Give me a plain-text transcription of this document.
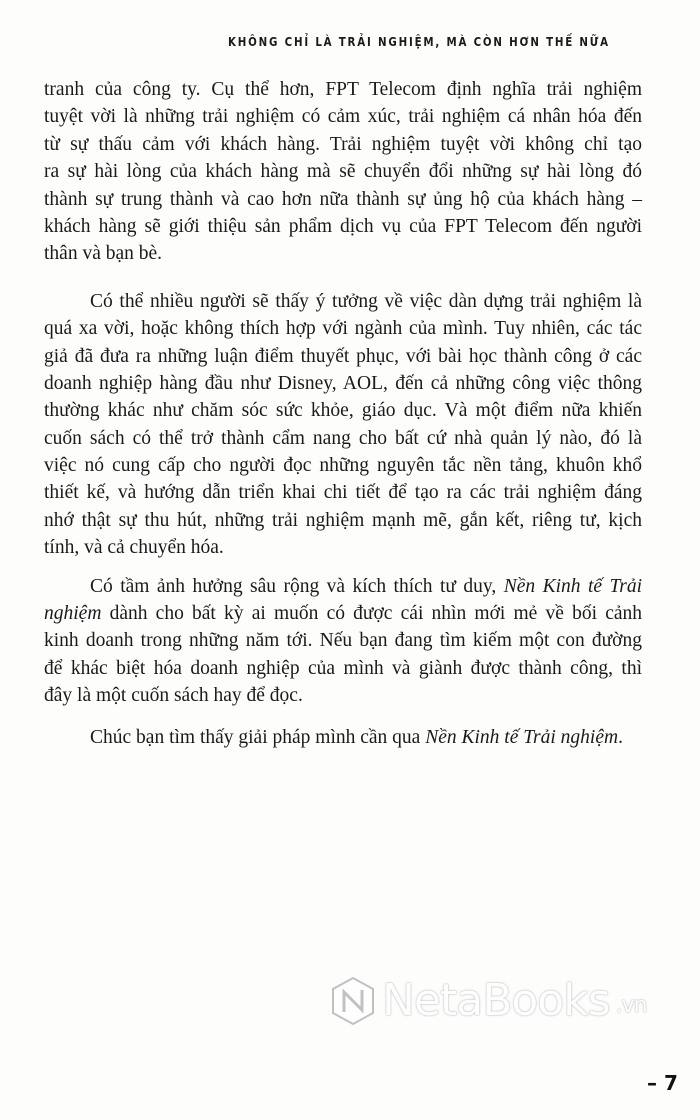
KHÔNG CHỈ LÀ TRẢI NGHIỆM, MÀ CÒN HƠN THẾ NỮA
tranh của công ty. Cụ thể hơn, FPT Telecom định nghĩa trải nghiệm
tuyệt vời là những trải nghiệm có cảm xúc, trải nghiệm cá nhân hóa đến
từ sự thấu cảm với khách hàng. Trải nghiệm tuyệt vời không chỉ tạo
ra sự hài lòng của khách hàng mà sẽ chuyển đổi những sự hài lòng đó
thành sự trung thành và cao hơn nữa thành sự ủng hộ của khách hàng –
khách hàng sẽ giới thiệu sản phẩm dịch vụ của FPT Telecom đến người
thân và bạn bè.
Có thể nhiều người sẽ thấy ý tưởng về việc dàn dựng trải nghiệm là
quá xa vời, hoặc không thích hợp với ngành của mình. Tuy nhiên, các tác
giả đã đưa ra những luận điểm thuyết phục, với bài học thành công ở các
doanh nghiệp hàng đầu như Disney, AOL, đến cả những công việc thông
thường khác như chăm sóc sức khỏe, giáo dục. Và một điểm nữa khiến
cuốn sách có thể trở thành cẩm nang cho bất cứ nhà quản lý nào, đó là
việc nó cung cấp cho người đọc những nguyên tắc nền tảng, khuôn khổ
thiết kế, và hướng dẫn triển khai chi tiết để tạo ra các trải nghiệm đáng
nhớ thật sự thu hút, những trải nghiệm mạnh mẽ, gắn kết, riêng tư, kịch
tính, và cả chuyển hóa.
Có tầm ảnh hưởng sâu rộng và kích thích tư duy, Nền Kinh tế Trải
nghiệm dành cho bất kỳ ai muốn có được cái nhìn mới mẻ về bối cảnh
kinh doanh trong những năm tới. Nếu bạn đang tìm kiếm một con đường
để khác biệt hóa doanh nghiệp của mình và giành được thành công, thì
đây là một cuốn sách hay để đọc.
Chúc bạn tìm thấy giải pháp mình cần qua Nền Kinh tế Trải nghiệm.
NetaBooks .vn
– 7
